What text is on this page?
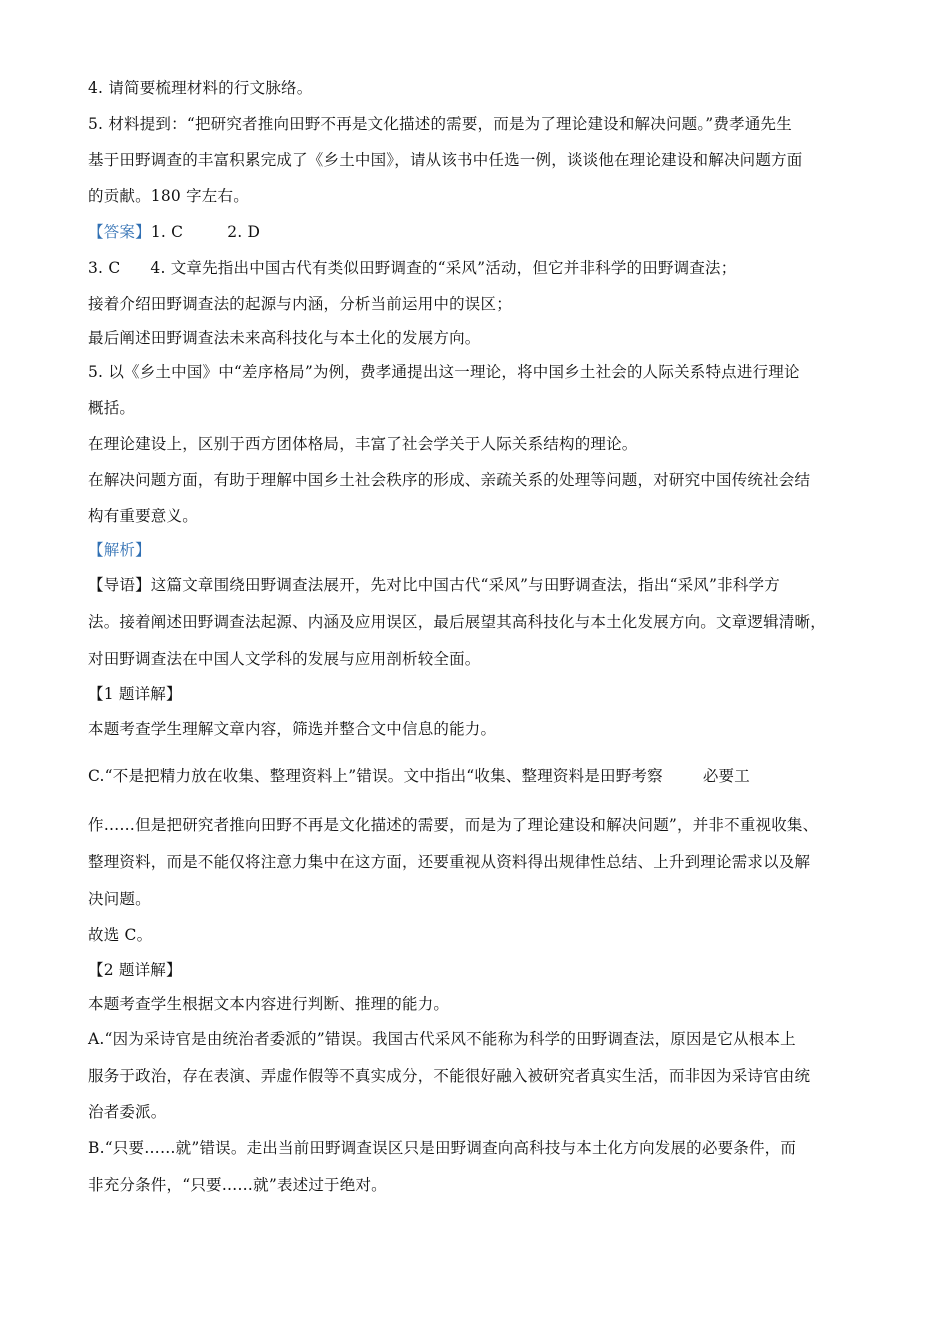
4. 请简要梳理材料的行文脉络。
5. 材料提到：“把研究者推向田野不再是文化描述的需要，而是为了理论建设和解决问题。”费孝通先生
基于田野调查的丰富积累完成了《乡土中国》，请从该书中任选一例，谈谈他在理论建设和解决问题方面
的贡献。180 字左右。
【答案】1. C	2. D
3. C 4. 文章先指出中国古代有类似田野调查的“采风”活动，但它并非科学的田野调查法；
接着介绍田野调查法的起源与内涵，分析当前运用中的误区；
最后阐述田野调查法未来高科技化与本土化的发展方向。
5. 以《乡土中国》中“差序格局”为例，费孝通提出这一理论，将中国乡土社会的人际关系特点进行理论
概括。
在理论建设上，区别于西方团体格局，丰富了社会学关于人际关系结构的理论。
在解决问题方面，有助于理解中国乡土社会秩序的形成、亲疏关系的处理等问题，对研究中国传统社会结
构有重要意义。
【解析】
【导语】这篇文章围绕田野调查法展开，先对比中国古代“采风”与田野调查法，指出“采风”非科学方
法。接着阐述田野调查法起源、内涵及应用误区，最后展望其高科技化与本土化发展方向。文章逻辑清晰，
对田野调查法在中国人文学科的发展与应用剖析较全面。
【1 题详解】
本题考查学生理解文章内容，筛选并整合文中信息的能力。
C.“不是把精力放在收集、整理资料上”错误。文中指出“收集、整理资料是田野考察	必要工
作……但是把研究者推向田野不再是文化描述的需要，而是为了理论建设和解决问题”，并非不重视收集、
整理资料，而是不能仅将注意力集中在这方面，还要重视从资料得出规律性总结、上升到理论需求以及解
决问题。
故选 C。
【2 题详解】
本题考查学生根据文本内容进行判断、推理的能力。
A.“因为采诗官是由统治者委派的”错误。我国古代采风不能称为科学的田野调查法，原因是它从根本上
服务于政治，存在表演、弄虚作假等不真实成分，不能很好融入被研究者真实生活，而非因为采诗官由统
治者委派。
B.“只要……就”错误。走出当前田野调查误区只是田野调查向高科技与本土化方向发展的必要条件，而
非充分条件，“只要……就”表述过于绝对。
